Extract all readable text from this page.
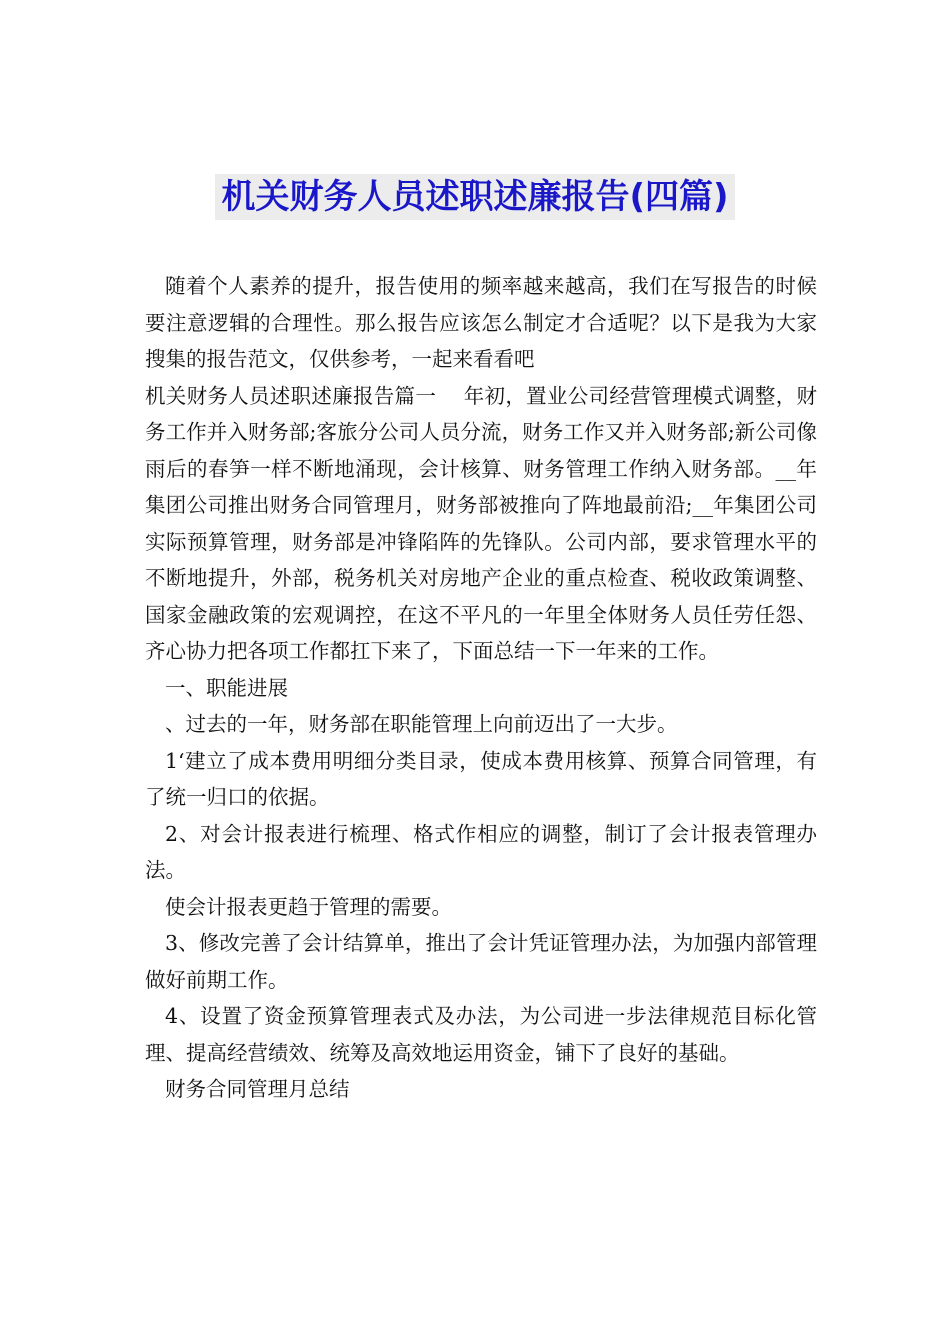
机关财务人员述职述廉报告(四篇)

随着个人素养的提升，报告使用的频率越来越高，我们在写报告的时候要注意逻辑的合理性。那么报告应该怎么制定才合适呢？以下是我为大家搜集的报告范文，仅供参考，一起来看看吧

机关财务人员述职述廉报告篇一　 年初，置业公司经营管理模式调整，财务工作并入财务部;客旅分公司人员分流，财务工作又并入财务部;新公司像雨后的春笋一样不断地涌现，会计核算、财务管理工作纳入财务部。__年集团公司推出财务合同管理月，财务部被推向了阵地最前沿;__年集团公司实际预算管理，财务部是冲锋陷阵的先锋队。公司内部，要求管理水平的不断地提升，外部，税务机关对房地产企业的重点检查、税收政策调整、国家金融政策的宏观调控，在这不平凡的一年里全体财务人员任劳任怨、齐心协力把各项工作都扛下来了，下面总结一下一年来的工作。

一、职能进展

、过去的一年，财务部在职能管理上向前迈出了一大步。

1‘建立了成本费用明细分类目录，使成本费用核算、预算合同管理，有了统一归口的依据。

2、对会计报表进行梳理、格式作相应的调整，制订了会计报表管理办法。

使会计报表更趋于管理的需要。

3、修改完善了会计结算单，推出了会计凭证管理办法，为加强内部管理做好前期工作。

4、设置了资金预算管理表式及办法，为公司进一步法律规范目标化管理、提高经营绩效、统筹及高效地运用资金，铺下了良好的基础。

财务合同管理月总结
